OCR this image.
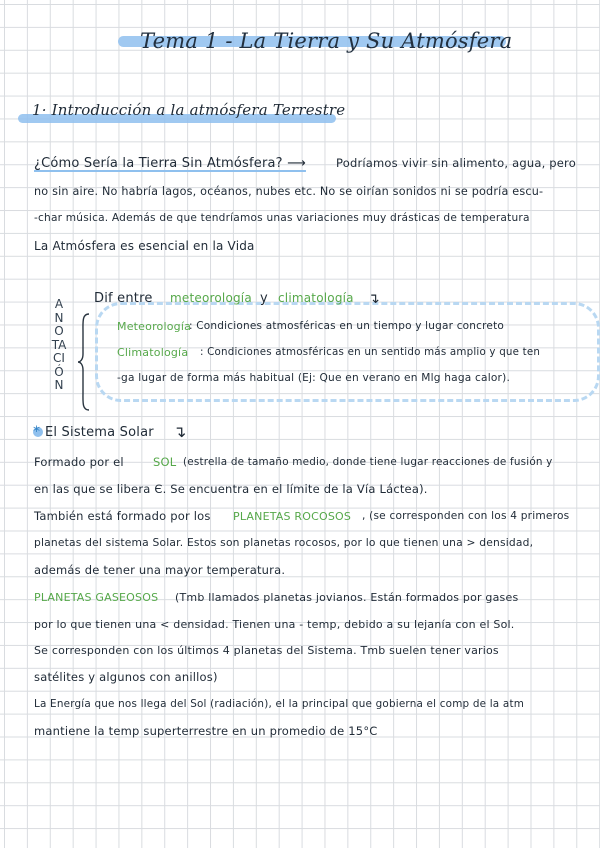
Tema 1 - La Tierra y Su Atmósfera
1· Introducción a la atmósfera Terrestre
¿Cómo Sería la Tierra Sin Atmósfera? ⟶	Podríamos vivir sin alimento, agua, pero
no sin aire. No habría lagos, océanos, nubes etc. No se oirían sonidos ni se podría escu-
-char música. Además de que tendríamos unas variaciones muy drásticas de temperatura
La Atmósfera es esencial en la Vida
ANOTACIÓN
Dif entre meteorología y climatología ↴
Meteorología
: Condiciones atmosféricas en un tiempo y lugar concreto
Climatología : Condiciones atmosféricas en un sentido más amplio y que ten
-ga lugar de forma más habitual (Ej: Que en verano en Mlg haga calor).
* El Sistema Solar ↴
Formado por el	SOL (estrella de tamaño medio, donde tiene lugar reacciones de fusión y
en las que se libera Є. Se encuentra en el límite de la Vía Láctea).
También está formado por los PLANETAS ROCOSOS , (se corresponden con los 4 primeros
planetas del sistema Solar. Estos son planetas rocosos, por lo que tienen una > densidad,
además de tener una mayor temperatura.
PLANETAS GASEOSOS (Tmb llamados planetas jovianos. Están formados por gases
por lo que tienen una < densidad. Tienen una - temp, debido a su lejanía con el Sol.
Se corresponden con los últimos 4 planetas del Sistema. Tmb suelen tener varios
satélites y algunos con anillos)
La Energía que nos llega del Sol (radiación), el la principal que gobierna el comp de la atm
mantiene la temp superterrestre en un promedio de 15°C
